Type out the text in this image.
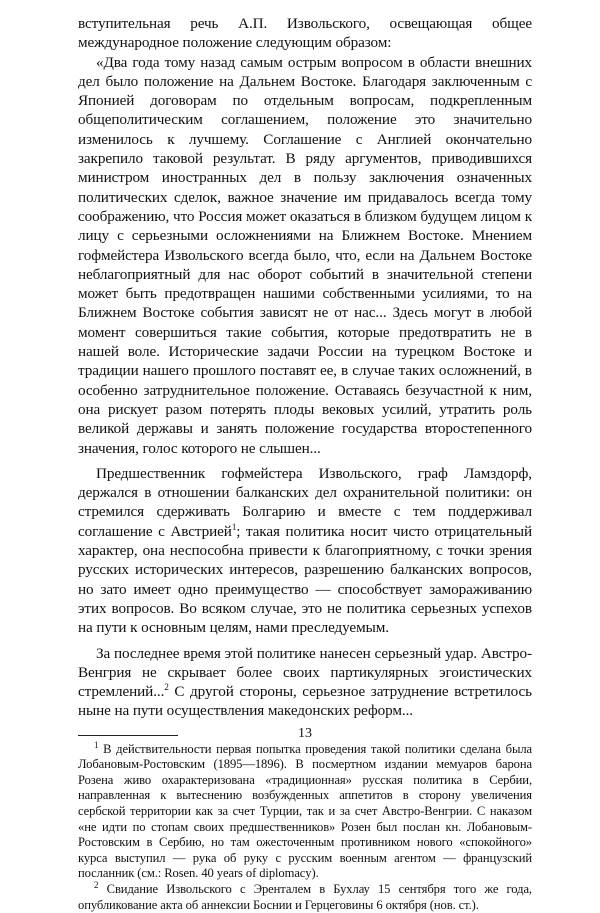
вступительная речь А.П. Извольского, освещающая общее международное положение следующим образом:

«Два года тому назад самым острым вопросом в области внешних дел было положение на Дальнем Востоке. Благодаря заключенным с Японией договорам по отдельным вопросам, подкрепленным общеполитическим соглашением, положение это значительно изменилось к лучшему. Соглашение с Англией окончательно закрепило таковой результат. В ряду аргументов, приводившихся министром иностранных дел в пользу заключения означенных политических сделок, важное значение им придавалось всегда тому соображению, что Россия может оказаться в близком будущем лицом к лицу с серьезными осложнениями на Ближнем Востоке. Мнением гофмейстера Извольского всегда было, что, если на Дальнем Востоке неблагоприятный для нас оборот событий в значительной степени может быть предотвращен нашими собственными усилиями, то на Ближнем Востоке события зависят не от нас... Здесь могут в любой момент совершиться такие события, которые предотвратить не в нашей воле. Исторические задачи России на турецком Востоке и традиции нашего прошлого поставят ее, в случае таких осложнений, в особенно затруднительное положение. Оставаясь безучастной к ним, она рискует разом потерять плоды вековых усилий, утратить роль великой державы и занять положение государства второстепенного значения, голос которого не слышен...

Предшественник гофмейстера Извольского, граф Ламздорф, держался в отношении балканских дел охранительной политики: он стремился сдерживать Болгарию и вместе с тем поддерживал соглашение с Австрией$^1$; такая политика носит чисто отрицательный характер, она неспособна привести к благоприятному, с точки зрения русских исторических интересов, разрешению балканских вопросов, но зато имеет одно преимущество — способствует замораживанию этих вопросов. Во всяком случае, это не политика серьезных успехов на пути к основным целям, нами преследуемым.

За последнее время этой политике нанесен серьезный удар. Австро-Венгрия не скрывает более своих партикулярных эгоистических стремлений...$^2$ С другой стороны, серьезное затруднение встретилось ныне на пути осуществления македонских реформ...

$^1$ В действительности первая попытка проведения такой политики сделана была Лобановым-Ростовским (1895—1896). В посмертном издании мемуаров барона Розена живо охарактеризована «традиционная» русская политика в Сербии, направленная к вытеснению возбужденных аппетитов в сторону увеличения сербской территории как за счет Турции, так и за счет Австро-Венгрии. С наказом «не идти по стопам своих предшественников» Розен был послан кн. Лобановым-Ростовским в Сербию, но там ожесточенным противником нового «спокойного» курса выступил — рука об руку с русским военным агентом — французский посланник (см.: Rosen. 40 years of diplomacy).

$^2$ Свидание Извольского с Эренталем в Бухлау 15 сентября того же года, опубликование акта об аннексии Боснии и Герцеговины 6 октября (нов. ст.).

13
